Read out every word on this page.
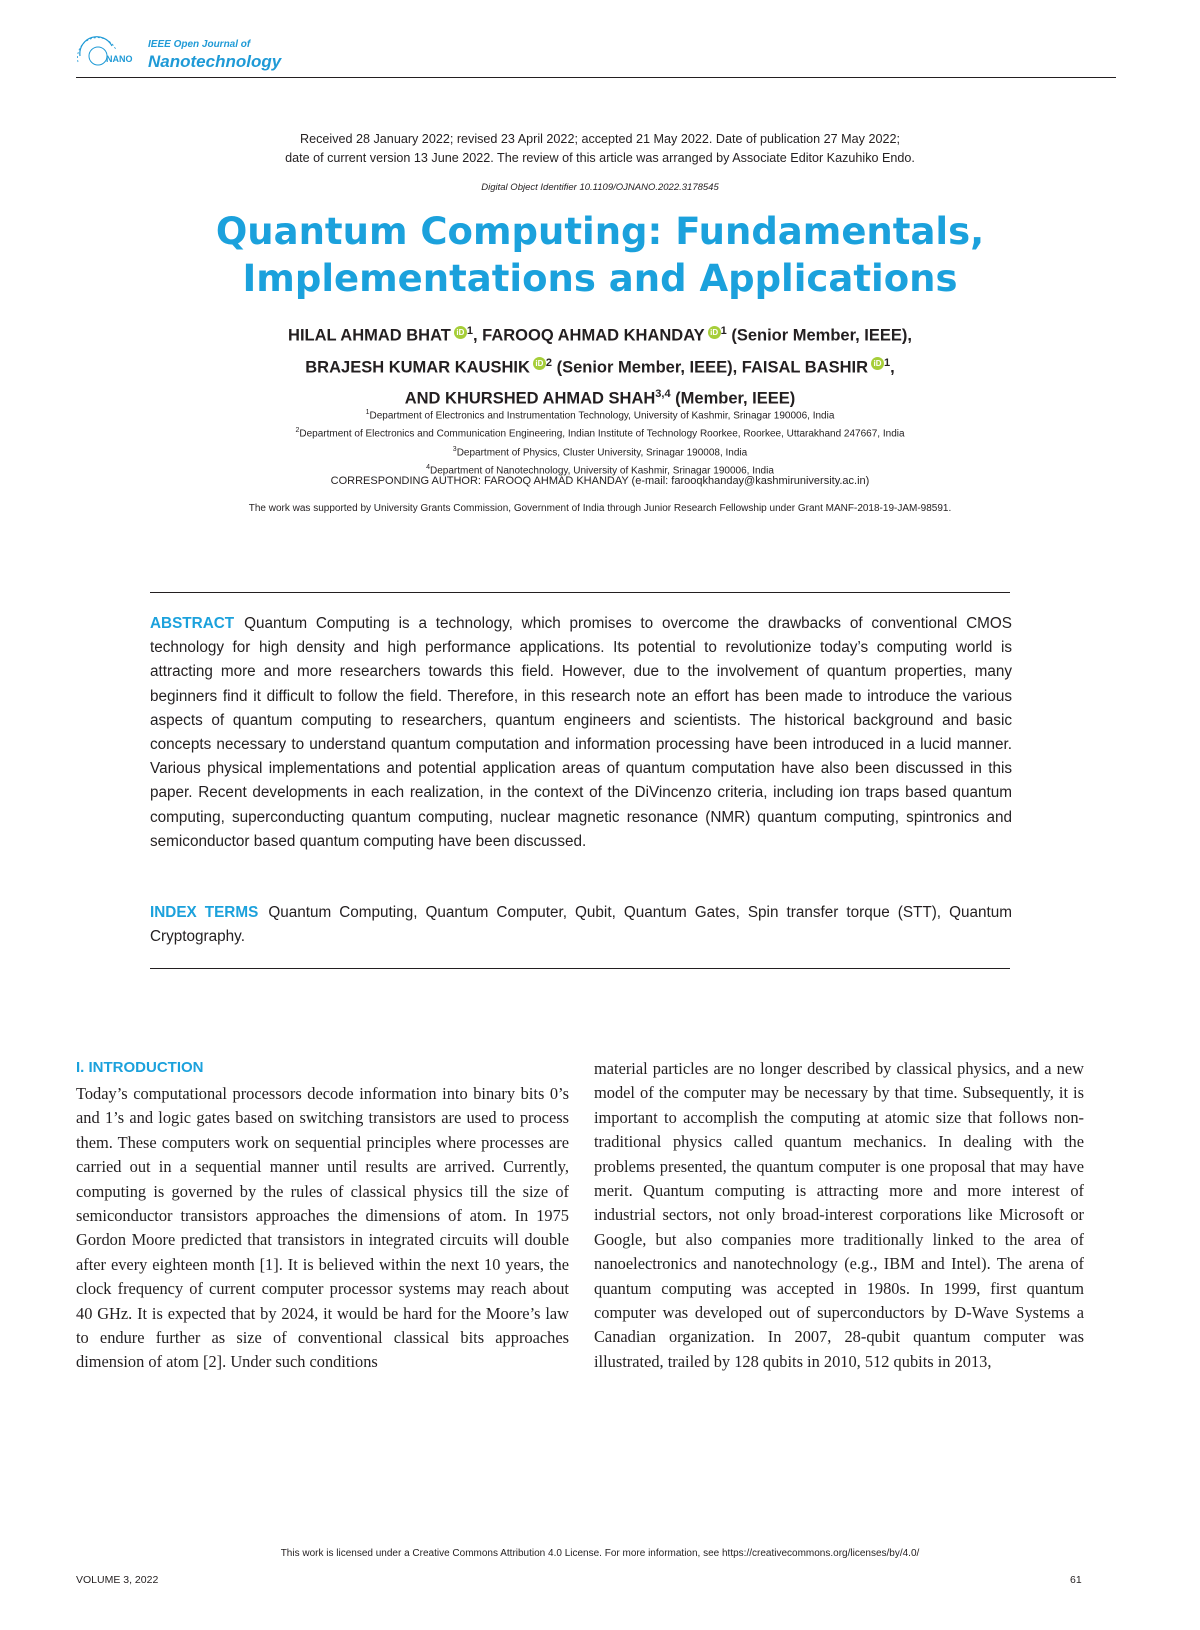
NANO
IEEE Open Journal of
Nanotechnology
Received 28 January 2022; revised 23 April 2022; accepted 21 May 2022. Date of publication 27 May 2022;
date of current version 13 June 2022. The review of this article was arranged by Associate Editor Kazuhiko Endo.
Digital Object Identifier 10.1109/OJNANO.2022.3178545
Quantum Computing: Fundamentals,
Implementations and Applications
HILAL AHMAD BHAT iD $^1$, FAROOQ AHMAD KHANDAY iD $^1$ (Senior Member, IEEE),
BRAJESH KUMAR KAUSHIK iD $^2$ (Senior Member, IEEE), FAISAL BASHIR iD $^1$,
AND KHURSHED AHMAD SHAH$^{3,4}$ (Member, IEEE)
$^1$Department of Electronics and Instrumentation Technology, University of Kashmir, Srinagar 190006, India
$^2$Department of Electronics and Communication Engineering, Indian Institute of Technology Roorkee, Roorkee, Uttarakhand 247667, India
$^3$Department of Physics, Cluster University, Srinagar 190008, India
$^4$Department of Nanotechnology, University of Kashmir, Srinagar 190006, India
CORRESPONDING AUTHOR: FAROOQ AHMAD KHANDAY (e-mail: farooqkhanday@kashmiruniversity.ac.in)
The work was supported by University Grants Commission, Government of India through Junior Research Fellowship under Grant MANF-2018-19-JAM-98591.
ABSTRACT Quantum Computing is a technology, which promises to overcome the drawbacks of conventional CMOS technology for high density and high performance applications. Its potential to revolutionize today’s computing world is attracting more and more researchers towards this field. However, due to the involvement of quantum properties, many beginners find it difficult to follow the field. Therefore, in this research note an effort has been made to introduce the various aspects of quantum computing to researchers, quantum engineers and scientists. The historical background and basic concepts necessary to understand quantum computation and information processing have been introduced in a lucid manner. Various physical implementations and potential application areas of quantum computation have also been discussed in this paper. Recent developments in each realization, in the context of the DiVincenzo criteria, including ion traps based quantum computing, superconducting quantum computing, nuclear magnetic resonance (NMR) quantum computing, spintronics and semiconductor based quantum computing have been discussed.
INDEX TERMS Quantum Computing, Quantum Computer, Qubit, Quantum Gates, Spin transfer torque (STT), Quantum Cryptography.
I. INTRODUCTION
Today’s computational processors decode information into binary bits 0’s and 1’s and logic gates based on switching transistors are used to process them. These computers work on sequential principles where processes are carried out in a sequential manner until results are arrived. Currently, computing is governed by the rules of classical physics till the size of semiconductor transistors approaches the dimensions of atom. In 1975 Gordon Moore predicted that transistors in integrated circuits will double after every eighteen month [1]. It is believed within the next 10 years, the clock frequency of current computer processor systems may reach about 40 GHz. It is expected that by 2024, it would be hard for the Moore’s law to endure further as size of conventional classical bits approaches dimension of atom [2]. Under such conditions
material particles are no longer described by classical physics, and a new model of the computer may be necessary by that time. Subsequently, it is important to accomplish the computing at atomic size that follows non-traditional physics called quantum mechanics. In dealing with the problems presented, the quantum computer is one proposal that may have merit. Quantum computing is attracting more and more interest of industrial sectors, not only broad-interest corporations like Microsoft or Google, but also companies more traditionally linked to the area of nanoelectronics and nanotechnology (e.g., IBM and Intel). The arena of quantum computing was accepted in 1980s. In 1999, first quantum computer was developed out of superconductors by D-Wave Systems a Canadian organization. In 2007, 28-qubit quantum computer was illustrated, trailed by 128 qubits in 2010, 512 qubits in 2013,
This work is licensed under a Creative Commons Attribution 4.0 License. For more information, see https://creativecommons.org/licenses/by/4.0/
VOLUME 3, 2022	61
